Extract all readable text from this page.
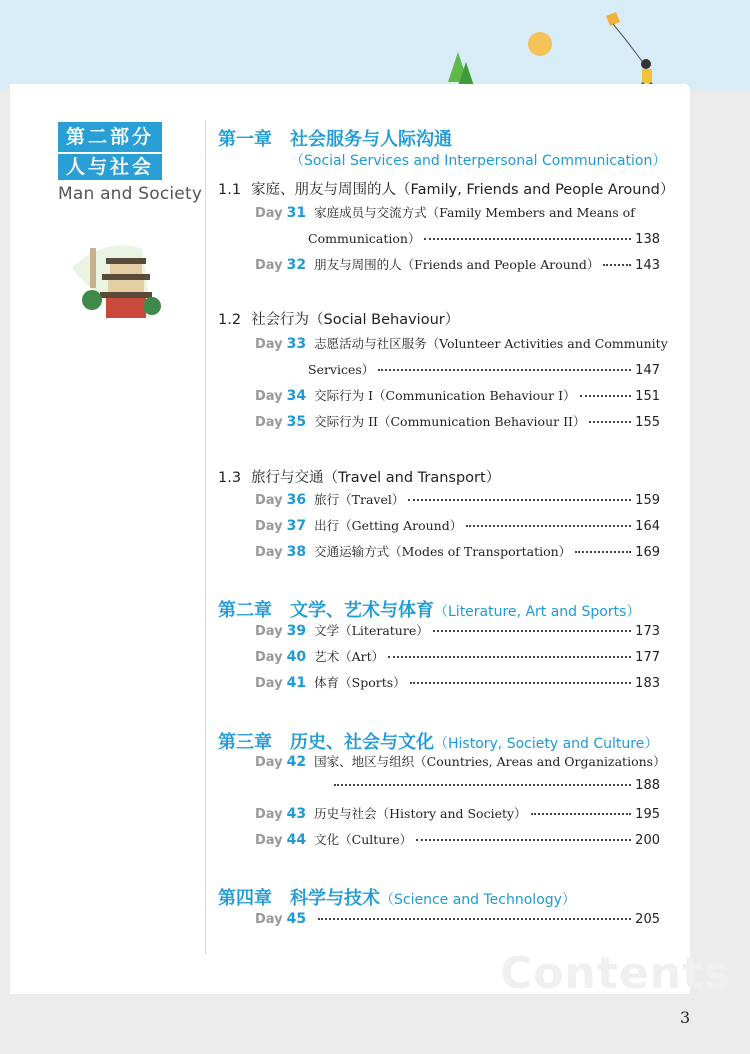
第二部分
人与社会
Man and Society
第一章　社会服务与人际沟通
（Social Services and Interpersonal Communication）
1.1 家庭、朋友与周围的人（Family, Friends and People Around）
Day 31 家庭成员与交流方式（Family Members and Means of
Communication）	138
Day 32 朋友与周围的人（Friends and People Around）	143
1.2 社会行为（Social Behaviour）
Day 33 志愿活动与社区服务（Volunteer Activities and Community
Services）	147
Day 34 交际行为 I（Communication Behaviour I）	151
Day 35 交际行为 II（Communication Behaviour II）	155
1.3 旅行与交通（Travel and Transport）
Day 36 旅行（Travel）	159
Day 37 出行（Getting Around）	164
Day 38 交通运输方式（Modes of Transportation）	169
第二章　文学、艺术与体育（Literature, Art and Sports）
Day 39 文学（Literature）	173
Day 40 艺术（Art）	177
Day 41 体育（Sports）	183
第三章　历史、社会与文化（History, Society and Culture）
Day 42 国家、地区与组织（Countries, Areas and Organizations）
188
Day 43 历史与社会（History and Society）	195
Day 44 文化（Culture）	200
第四章　科学与技术（Science and Technology）
Day 45	205
Contents
3
